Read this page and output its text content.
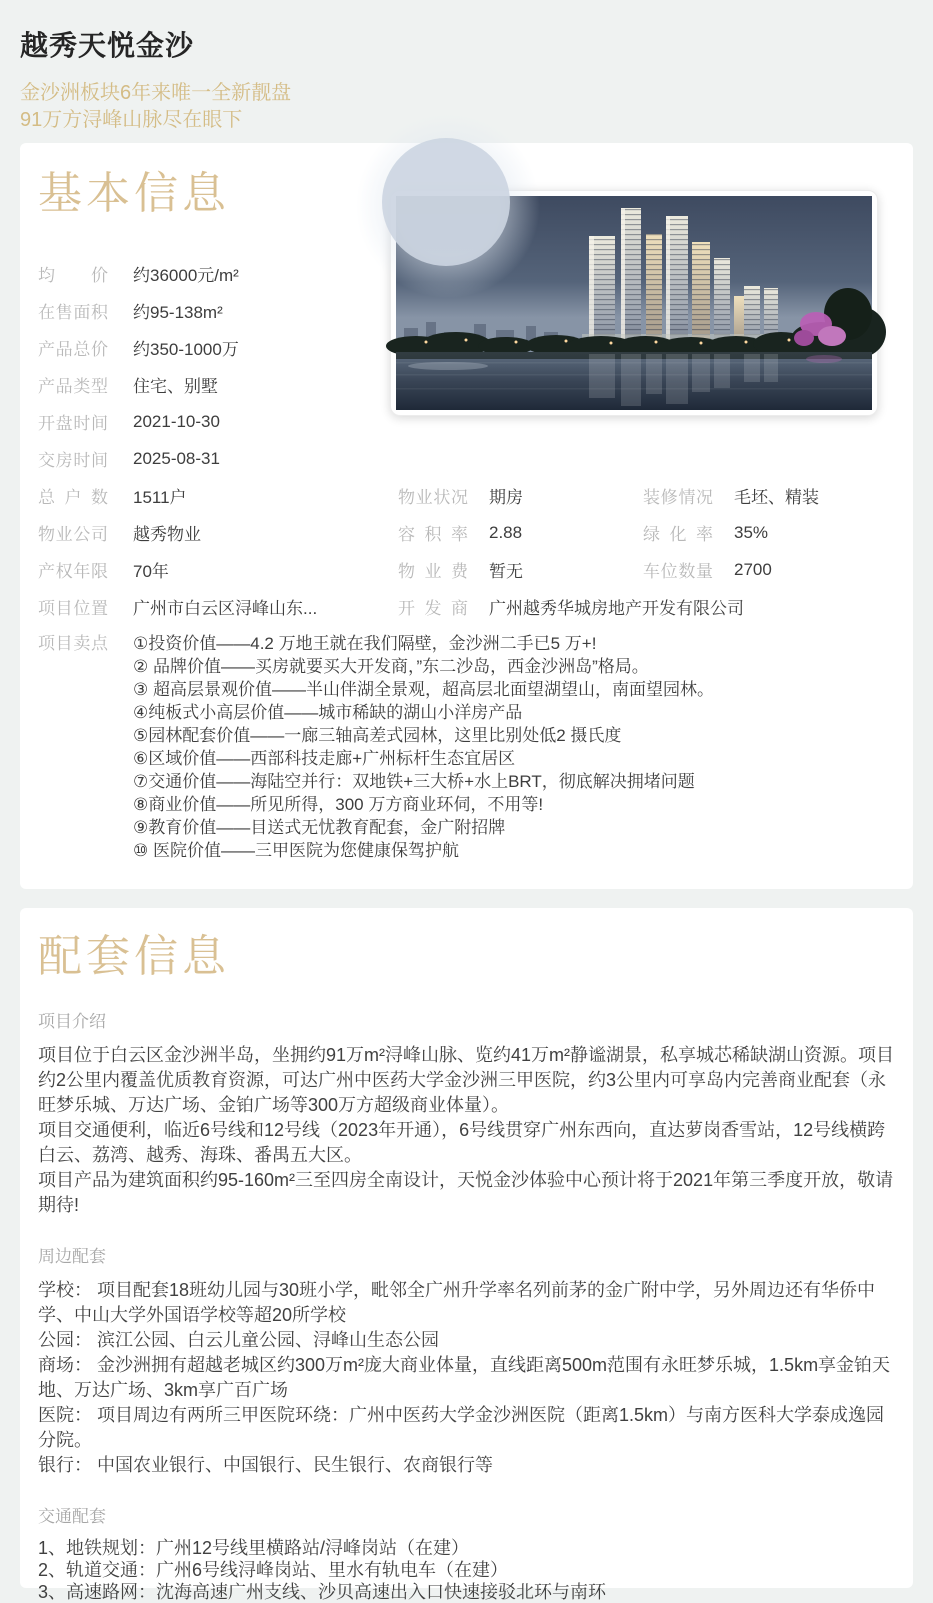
越秀天悦金沙
金沙洲板块6年来唯一全新靓盘
91万方浔峰山脉尽在眼下
基本信息
均价 约36000元/m²
在售面积 约95-138m²
产品总价 约350-1000万
产品类型 住宅、别墅
开盘时间 2021-10-30
交房时间 2025-08-31
总户数 1511户
物业公司 越秀物业
产权年限 70年
项目位置 广州市白云区浔峰山东...
物业状况 期房
容积率 2.88
物业费 暂无
开发商 广州越秀华城房地产开发有限公司
装修情况 毛坯、精装
绿化率 35%
车位数量 2700
项目卖点 ①投资价值——4.2 万地王就在我们隔壁，金沙洲二手已5 万+!
② 品牌价值——买房就要买大开发商，”东二沙岛，西金沙洲岛”格局。
③ 超高层景观价值——半山伴湖全景观，超高层北面望湖望山，南面望园林。
④纯板式小高层价值——城市稀缺的湖山小洋房产品
⑤园林配套价值——一廊三轴高差式园林，这里比别处低2 摄氏度
⑥区域价值——西部科技走廊+广州标杆生态宜居区
⑦交通价值——海陆空并行：双地铁+三大桥+水上BRT，彻底解决拥堵问题
⑧商业价值——所见所得，300 万方商业环伺，不用等!
⑨教育价值——目送式无忧教育配套，金广附招牌
⑩ 医院价值——三甲医院为您健康保驾护航
配套信息
项目介绍

项目位于白云区金沙洲半岛，坐拥约91万m²浔峰山脉、览约41万m²静谧湖景，私享城芯稀缺湖山资源。项目约2公里内覆盖优质教育资源，可达广州中医药大学金沙洲三甲医院，约3公里内可享岛内完善商业配套（永旺梦乐城、万达广场、金铂广场等300万方超级商业体量）。

项目交通便利，临近6号线和12号线（2023年开通），6号线贯穿广州东西向，直达萝岗香雪站，12号线横跨白云、荔湾、越秀、海珠、番禺五大区。

项目产品为建筑面积约95-160m²三至四房全南设计，天悦金沙体验中心预计将于2021年第三季度开放，敬请期待!

周边配套

学校： 项目配套18班幼儿园与30班小学，毗邻全广州升学率名列前茅的金广附中学，另外周边还有华侨中学、中山大学外国语学校等超20所学校

公园： 滨江公园、白云儿童公园、浔峰山生态公园

商场： 金沙洲拥有超越老城区约300万m²庞大商业体量，直线距离500m范围有永旺梦乐城，1.5km享金铂天地、万达广场、3km享广百广场

医院： 项目周边有两所三甲医院环绕：广州中医药大学金沙洲医院（距离1.5km）与南方医科大学泰成逸园分院。

银行： 中国农业银行、中国银行、民生银行、农商银行等

交通配套

1、地铁规划：广州12号线里横路站/浔峰岗站（在建）

2、轨道交通：广州6号线浔峰岗站、里水有轨电车（在建）

3、高速路网：沈海高速广州支线、沙贝高速出入口快速接驳北环与南环
